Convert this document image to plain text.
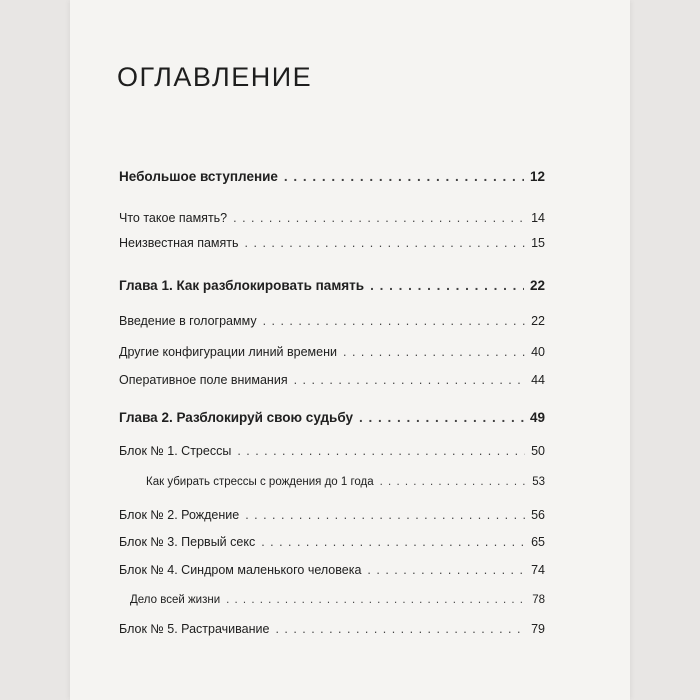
ОГЛАВЛЕНИЕ
Небольшое вступление . . .	12
Что такое память? . . .	14
Неизвестная память . . .	15
Глава 1. Как разблокировать память . . .	22
Введение в голограмму . . .	22
Другие конфигурации линий времени . . .	40
Оперативное поле внимания . . .	44
Глава 2. Разблокируй свою судьбу . . .	49
Блок № 1. Стрессы . . .	50
Как убирать стрессы с рождения до 1 года . . .	53
Блок № 2. Рождение . . .	56
Блок № 3. Первый секс . . .	65
Блок № 4. Синдром маленького человека . . .	74
Дело всей жизни . . .	78
Блок № 5. Растрачивание . . .	79
